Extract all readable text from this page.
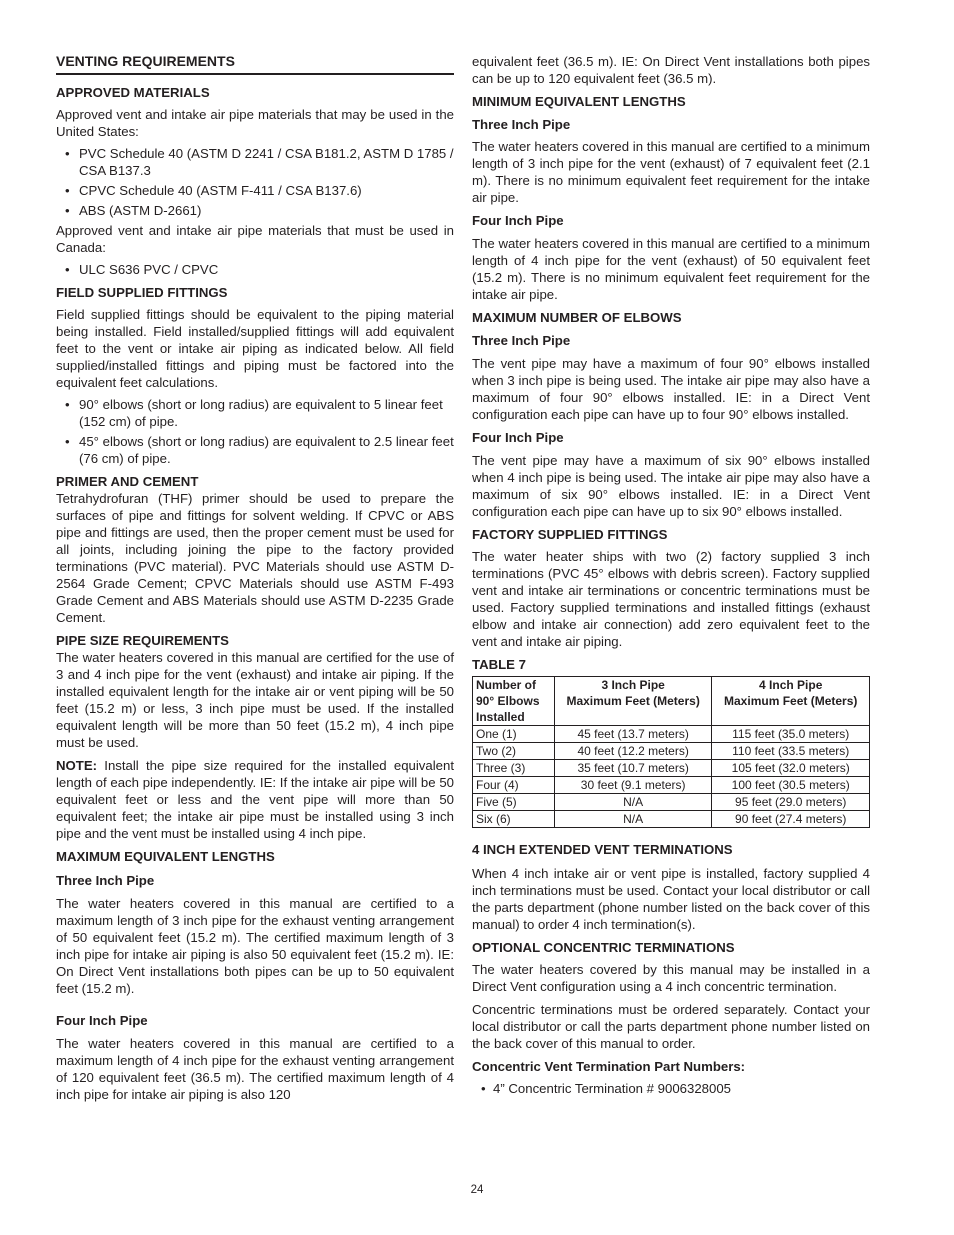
VENTING REQUIREMENTS
APPROVED MATERIALS

Approved vent and intake air pipe materials that may be used in the United States:

• PVC Schedule 40 (ASTM D 2241 / CSA B181.2, ASTM D 1785 / CSA B137.3
• CPVC Schedule 40 (ASTM F-411 / CSA B137.6)
• ABS (ASTM D-2661)

Approved vent and intake air pipe materials that must be used in Canada:

• ULC S636 PVC / CPVC
FIELD SUPPLIED FITTINGS

Field supplied fittings should be equivalent to the piping material being installed. Field installed/supplied fittings will add equivalent feet to the vent or intake air piping as indicated below. All field supplied/installed fittings and piping must be factored into the equivalent feet calculations.

• 90° elbows (short or long radius) are equivalent to 5 linear feet (152 cm) of pipe.
• 45° elbows (short or long radius) are equivalent to 2.5 linear feet (76 cm) of pipe.
PRIMER AND CEMENT

Tetrahydrofuran (THF) primer should be used to prepare the surfaces of pipe and fittings for solvent welding. If CPVC or ABS pipe and fittings are used, then the proper cement must be used for all joints, including joining the pipe to the factory provided terminations (PVC material). PVC Materials should use ASTM D-2564 Grade Cement; CPVC Materials should use ASTM F-493 Grade Cement and ABS Materials should use ASTM D-2235 Grade Cement.

PIPE SIZE REQUIREMENTS

The water heaters covered in this manual are certified for the use of 3 and 4 inch pipe for the vent (exhaust) and intake air piping. If the installed equivalent length for the intake air or vent piping will be 50 feet (15.2 m) or less, 3 inch pipe must be used. If the installed equivalent length will be more than 50 feet (15.2 m), 4 inch pipe must be used.

NOTE: Install the pipe size required for the installed equivalent length of each pipe independently. IE: If the intake air pipe will be 50 equivalent feet or less and the vent pipe will more than 50 equivalent feet; the intake air pipe must be installed using 3 inch pipe and the vent must be installed using 4 inch pipe.

MAXIMUM EQUIVALENT LENGTHS
Three Inch Pipe

The water heaters covered in this manual are certified to a maximum length of 3 inch pipe for the exhaust venting arrangement of 50 equivalent feet (15.2 m). The certified maximum length of 3 inch pipe for intake air piping is also 50 equivalent feet (15.2 m). IE: On Direct Vent installations both pipes can be up to 50 equivalent feet (15.2 m).

Four Inch Pipe

The water heaters covered in this manual are certified to a maximum length of 4 inch pipe for the exhaust venting arrangement of 120 equivalent feet (36.5 m). The certified maximum length of 4 inch pipe for intake air piping is also 120

equivalent feet (36.5 m). IE: On Direct Vent installations both pipes can be up to 120 equivalent feet (36.5 m).

MINIMUM EQUIVALENT LENGTHS
Three Inch Pipe

The water heaters covered in this manual are certified to a minimum length of 3 inch pipe for the vent (exhaust) of 7 equivalent feet (2.1 m). There is no minimum equivalent feet requirement for the intake air pipe.

Four Inch Pipe

The water heaters covered in this manual are certified to a minimum length of 4 inch pipe for the vent (exhaust) of 50 equivalent feet (15.2 m). There is no minimum equivalent feet requirement for the intake air pipe.

MAXIMUM NUMBER OF ELBOWS
Three Inch Pipe

The vent pipe may have a maximum of four 90° elbows installed when 3 inch pipe is being used. The intake air pipe may also have a maximum of four 90° elbows installed. IE: in a Direct Vent configuration each pipe can have up to four 90° elbows installed.

Four Inch Pipe

The vent pipe may have a maximum of six 90° elbows installed when 4 inch pipe is being used. The intake air pipe may also have a maximum of six 90° elbows installed. IE: in a Direct Vent configuration each pipe can have up to six 90° elbows installed.

FACTORY SUPPLIED FITTINGS

The water heater ships with two (2) factory supplied 3 inch terminations (PVC 45° elbows with debris screen). Factory supplied vent and intake air terminations or concentric terminations must be used. Factory supplied terminations and installed fittings (exhaust elbow and intake air connection) add zero equivalent feet to the vent and intake air piping.

TABLE 7
Number of 90° Elbows Installed	3 Inch Pipe
Maximum Feet (Meters)	4 Inch Pipe
Maximum Feet (Meters)
One (1)	45 feet (13.7 meters)	115 feet (35.0 meters)
Two (2)	40 feet (12.2 meters)	110 feet (33.5 meters)
Three (3)	35 feet (10.7 meters)	105 feet (32.0 meters)
Four (4)	30 feet (9.1 meters)	100 feet (30.5 meters)
Five (5)	N/A	95 feet (29.0 meters)
Six (6)	N/A	90 feet (27.4 meters)
4 INCH EXTENDED VENT TERMINATIONS

When 4 inch intake air or vent pipe is installed, factory supplied 4 inch terminations must be used. Contact your local distributor or call the parts department (phone number listed on the back cover of this manual) to order 4 inch termination(s).

OPTIONAL CONCENTRIC TERMINATIONS

The water heaters covered by this manual may be installed in a Direct Vent configuration using a 4 inch concentric termination.

Concentric terminations must be ordered separately. Contact your local distributor or call the parts department phone number listed on the back cover of this manual to order.

Concentric Vent Termination Part Numbers:
• 4” Concentric Termination # 9006328005
24
